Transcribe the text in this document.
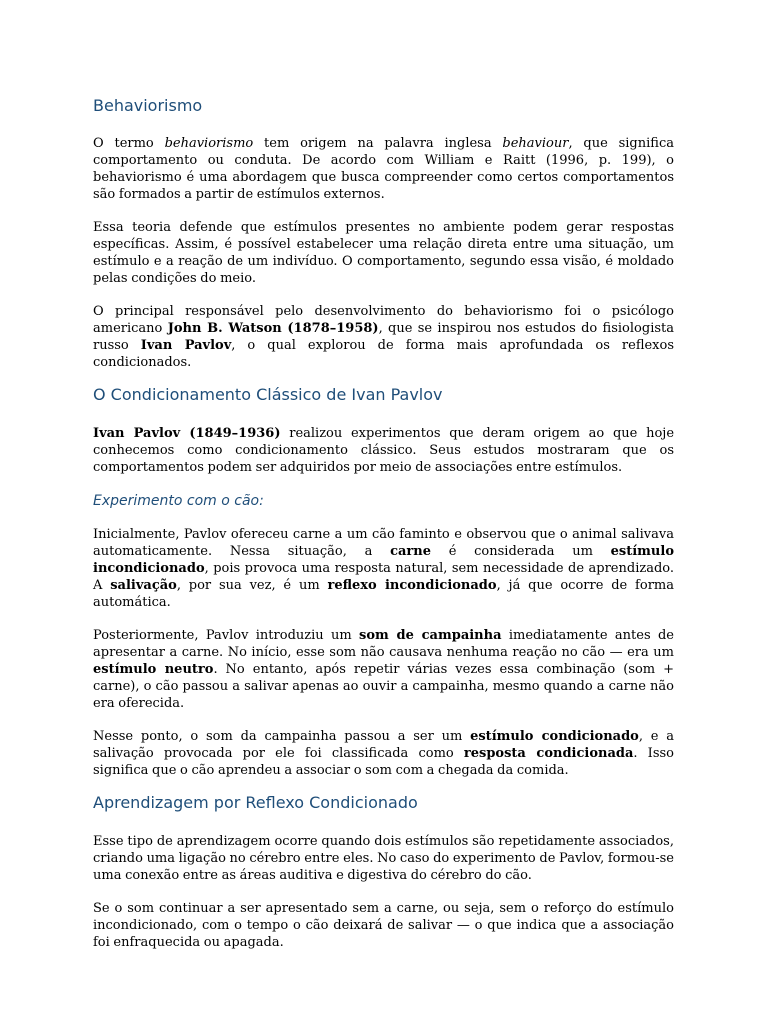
Behaviorismo

O termo behaviorismo tem origem na palavra inglesa behaviour, que significa comportamento ou conduta. De acordo com William e Raitt (1996, p. 199), o behaviorismo é uma abordagem que busca compreender como certos comportamentos são formados a partir de estímulos externos.

Essa teoria defende que estímulos presentes no ambiente podem gerar respostas específicas. Assim, é possível estabelecer uma relação direta entre uma situação, um estímulo e a reação de um indivíduo. O comportamento, segundo essa visão, é moldado pelas condições do meio.

O principal responsável pelo desenvolvimento do behaviorismo foi o psicólogo americano John B. Watson (1878–1958), que se inspirou nos estudos do fisiologista russo Ivan Pavlov, o qual explorou de forma mais aprofundada os reflexos condicionados.

O Condicionamento Clássico de Ivan Pavlov

Ivan Pavlov (1849–1936) realizou experimentos que deram origem ao que hoje conhecemos como condicionamento clássico. Seus estudos mostraram que os comportamentos podem ser adquiridos por meio de associações entre estímulos.

Experimento com o cão:

Inicialmente, Pavlov ofereceu carne a um cão faminto e observou que o animal salivava automaticamente. Nessa situação, a carne é considerada um estímulo incondicionado, pois provoca uma resposta natural, sem necessidade de aprendizado. A salivação, por sua vez, é um reflexo incondicionado, já que ocorre de forma automática.

Posteriormente, Pavlov introduziu um som de campainha imediatamente antes de apresentar a carne. No início, esse som não causava nenhuma reação no cão — era um estímulo neutro. No entanto, após repetir várias vezes essa combinação (som + carne), o cão passou a salivar apenas ao ouvir a campainha, mesmo quando a carne não era oferecida.

Nesse ponto, o som da campainha passou a ser um estímulo condicionado, e a salivação provocada por ele foi classificada como resposta condicionada. Isso significa que o cão aprendeu a associar o som com a chegada da comida.

Aprendizagem por Reflexo Condicionado

Esse tipo de aprendizagem ocorre quando dois estímulos são repetidamente associados, criando uma ligação no cérebro entre eles. No caso do experimento de Pavlov, formou-se uma conexão entre as áreas auditiva e digestiva do cérebro do cão.

Se o som continuar a ser apresentado sem a carne, ou seja, sem o reforço do estímulo incondicionado, com o tempo o cão deixará de salivar — o que indica que a associação foi enfraquecida ou apagada.
